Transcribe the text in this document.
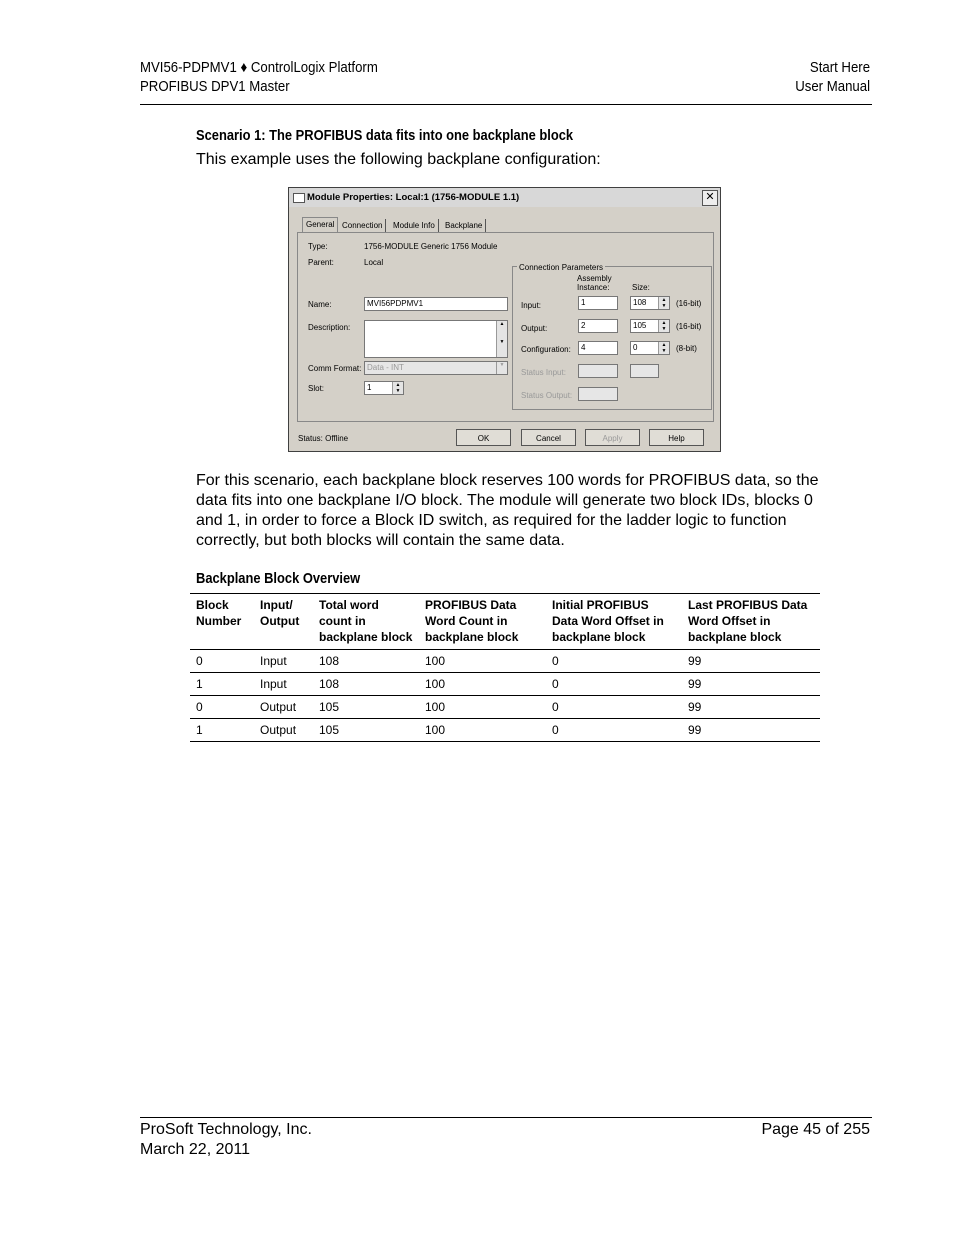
MVI56-PDPMV1 ♦ ControlLogix Platform
PROFIBUS DPV1 Master
Start Here
User Manual
Scenario 1: The PROFIBUS data fits into one backplane block
This example uses the following backplane configuration:
Module Properties: Local:1 (1756-MODULE 1.1)	✕
General Connection	Module Info	Backplane
Type:	1756-MODULE Generic 1756 Module
Parent:	Local
Name:	MVI56PDPMV1
Description:	▲

▼
Comm Format: Data - INT	▼
Slot:	1	▲
▼
Connection Parameters
Assembly Instance:	Size:
Input:	1	108	▲
▼	(16-bit)
Output:	2	105	▲
▼	(16-bit)
Configuration:	4	0	▲
▼	(8-bit)
Status Input:
Status Output:
Status: Offline	OK	Cancel	Apply	Help
For this scenario, each backplane block reserves 100 words for PROFIBUS data, so the data fits into one backplane I/O block. The module will generate two block IDs, blocks 0 and 1, in order to force a Block ID switch, as required for the ladder logic to function correctly, but both blocks will contain the same data.
Backplane Block Overview
Block Number	Input/ Output	Total word count in backplane block	PROFIBUS Data Word Count in backplane block	Initial PROFIBUS Data Word Offset in backplane block	Last PROFIBUS Data Word Offset in backplane block
0	Input	108	100	0	99
1	Input	108	100	0	99
0	Output	105	100	0	99
1	Output	105	100	0	99
ProSoft Technology, Inc.
March 22, 2011
Page 45 of 255
